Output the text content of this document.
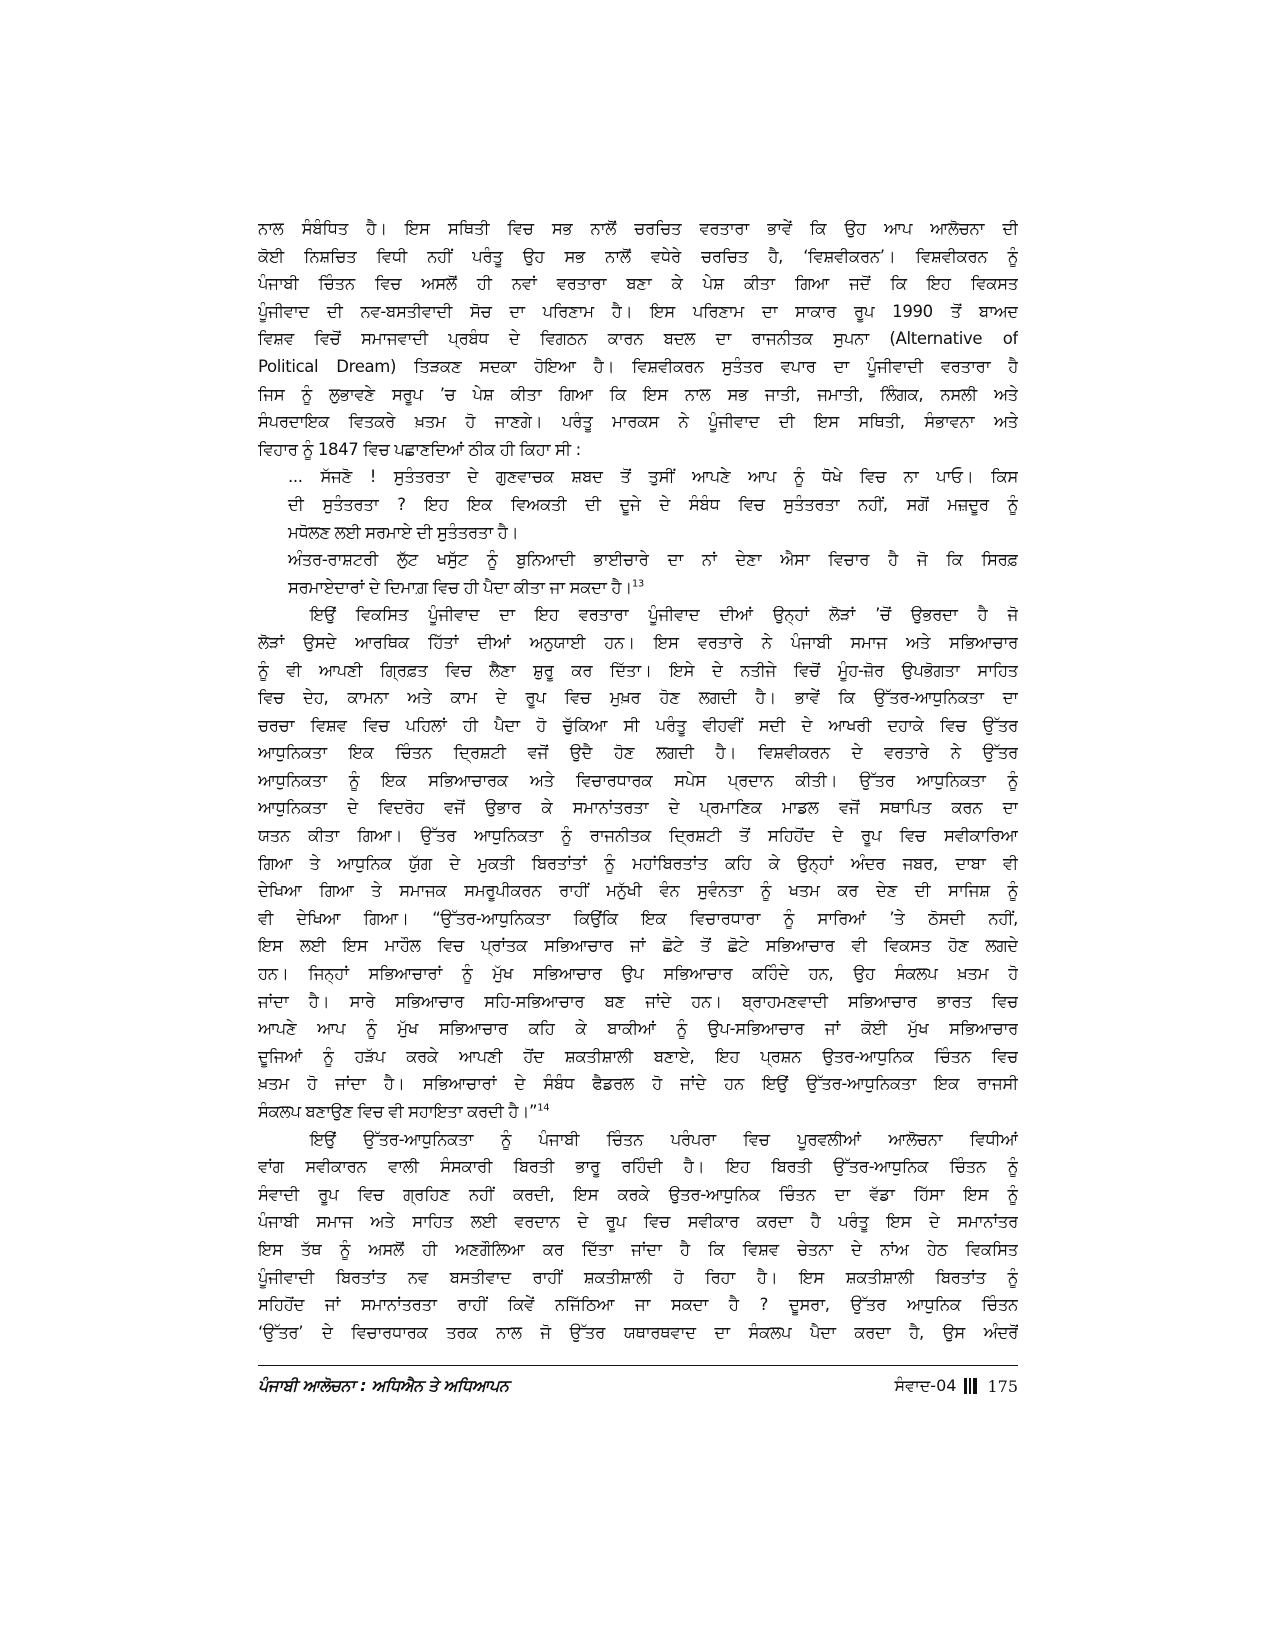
ਨਾਲ ਸੰਬੰਧਿਤ ਹੈ। ਇਸ ਸਥਿਤੀ ਵਿਚ ਸਭ ਨਾਲੋਂ ਚਰਚਿਤ ਵਰਤਾਰਾ ਭਾਵੇਂ ਕਿ ਉਹ ਆਪ ਆਲੋਚਨਾ ਦੀ
ਕੋਈ ਨਿਸ਼ਚਿਤ ਵਿਧੀ ਨਹੀਂ ਪਰੰਤੂ ਉਹ ਸਭ ਨਾਲੋਂ ਵਧੇਰੇ ਚਰਚਿਤ ਹੈ, ‘ਵਿਸ਼ਵੀਕਰਨ’। ਵਿਸ਼ਵੀਕਰਨ ਨੂੰ
ਪੰਜਾਬੀ ਚਿੰਤਨ ਵਿਚ ਅਸਲੋਂ ਹੀ ਨਵਾਂ ਵਰਤਾਰਾ ਬਣਾ ਕੇ ਪੇਸ਼ ਕੀਤਾ ਗਿਆ ਜਦੋਂ ਕਿ ਇਹ ਵਿਕਸਤ
ਪੂੰਜੀਵਾਦ ਦੀ ਨਵ-ਬਸਤੀਵਾਦੀ ਸੋਚ ਦਾ ਪਰਿਣਾਮ ਹੈ। ਇਸ ਪਰਿਣਾਮ ਦਾ ਸਾਕਾਰ ਰੂਪ 1990 ਤੋਂ ਬਾਅਦ
ਵਿਸ਼ਵ ਵਿਚੋਂ ਸਮਾਜਵਾਦੀ ਪ੍ਰਬੰਧ ਦੇ ਵਿਗਠਨ ਕਾਰਨ ਬਦਲ ਦਾ ਰਾਜਨੀਤਕ ਸੁਪਨਾ (Alternative of
Political Dream) ਤਿੜਕਣ ਸਦਕਾ ਹੋਇਆ ਹੈ। ਵਿਸ਼ਵੀਕਰਨ ਸੁਤੰਤਰ ਵਪਾਰ ਦਾ ਪੂੰਜੀਵਾਦੀ ਵਰਤਾਰਾ ਹੈ
ਜਿਸ ਨੂੰ ਲੁਭਾਵਣੇ ਸਰੂਪ ’ਚ ਪੇਸ਼ ਕੀਤਾ ਗਿਆ ਕਿ ਇਸ ਨਾਲ ਸਭ ਜਾਤੀ, ਜਮਾਤੀ, ਲਿੰਗਕ, ਨਸਲੀ ਅਤੇ
ਸੰਪਰਦਾਇਕ ਵਿਤਕਰੇ ਖ਼ਤਮ ਹੋ ਜਾਣਗੇ। ਪਰੰਤੂ ਮਾਰਕਸ ਨੇ ਪੂੰਜੀਵਾਦ ਦੀ ਇਸ ਸਥਿਤੀ, ਸੰਭਾਵਨਾ ਅਤੇ
ਵਿਹਾਰ ਨੂੰ 1847 ਵਿਚ ਪਛਾਣਦਿਆਂ ਠੀਕ ਹੀ ਕਿਹਾ ਸੀ :
... ਸੱਜਣੋ ! ਸੁਤੰਤਰਤਾ ਦੇ ਗੁਣਵਾਚਕ ਸ਼ਬਦ ਤੋਂ ਤੁਸੀਂ ਆਪਣੇ ਆਪ ਨੂੰ ਧੋਖੇ ਵਿਚ ਨਾ ਪਾਓ। ਕਿਸ
ਦੀ ਸੁਤੰਤਰਤਾ ? ਇਹ ਇਕ ਵਿਅਕਤੀ ਦੀ ਦੂਜੇ ਦੇ ਸੰਬੰਧ ਵਿਚ ਸੁਤੰਤਰਤਾ ਨਹੀਂ, ਸਗੋਂ ਮਜ਼ਦੂਰ ਨੂੰ
ਮਧੋਲਣ ਲਈ ਸਰਮਾਏ ਦੀ ਸੁਤੰਤਰਤਾ ਹੈ।
ਅੰਤਰ-ਰਾਸ਼ਟਰੀ ਲੁੱਟ ਖਸੁੱਟ ਨੂੰ ਬੁਨਿਆਦੀ ਭਾਈਚਾਰੇ ਦਾ ਨਾਂ ਦੇਣਾ ਐਸਾ ਵਿਚਾਰ ਹੈ ਜੋ ਕਿ ਸਿਰਫ਼
ਸਰਮਾਏਦਾਰਾਂ ਦੇ ਦਿਮਾਗ਼ ਵਿਚ ਹੀ ਪੈਦਾ ਕੀਤਾ ਜਾ ਸਕਦਾ ਹੈ।$^{13}$
ਇਉਂ ਵਿਕਸਿਤ ਪੂੰਜੀਵਾਦ ਦਾ ਇਹ ਵਰਤਾਰਾ ਪੂੰਜੀਵਾਦ ਦੀਆਂ ਉਨ੍ਹਾਂ ਲੋੜਾਂ ’ਚੋਂ ਉਭਰਦਾ ਹੈ ਜੋ
ਲੋੜਾਂ ਉਸਦੇ ਆਰਥਿਕ ਹਿੱਤਾਂ ਦੀਆਂ ਅਨੁਯਾਈ ਹਨ। ਇਸ ਵਰਤਾਰੇ ਨੇ ਪੰਜਾਬੀ ਸਮਾਜ ਅਤੇ ਸਭਿਆਚਾਰ
ਨੂੰ ਵੀ ਆਪਣੀ ਗ੍ਰਿਫ਼ਤ ਵਿਚ ਲੈਣਾ ਸ਼ੁਰੂ ਕਰ ਦਿੱਤਾ। ਇਸੇ ਦੇ ਨਤੀਜੇ ਵਿਚੋਂ ਮੂੰਹ-ਜ਼ੋਰ ਉਪਭੋਗਤਾ ਸਾਹਿਤ
ਵਿਚ ਦੇਹ, ਕਾਮਨਾ ਅਤੇ ਕਾਮ ਦੇ ਰੂਪ ਵਿਚ ਮੁਖ਼ਰ ਹੋਣ ਲਗਦੀ ਹੈ। ਭਾਵੇਂ ਕਿ ਉੱਤਰ-ਆਧੁਨਿਕਤਾ ਦਾ
ਚਰਚਾ ਵਿਸ਼ਵ ਵਿਚ ਪਹਿਲਾਂ ਹੀ ਪੈਦਾ ਹੋ ਚੁੱਕਿਆ ਸੀ ਪਰੰਤੂ ਵੀਹਵੀਂ ਸਦੀ ਦੇ ਆਖਰੀ ਦਹਾਕੇ ਵਿਚ ਉੱਤਰ
ਆਧੁਨਿਕਤਾ ਇਕ ਚਿੰਤਨ ਦ੍ਰਿਸ਼ਟੀ ਵਜੋਂ ਉਦੈ ਹੋਣ ਲਗਦੀ ਹੈ। ਵਿਸ਼ਵੀਕਰਨ ਦੇ ਵਰਤਾਰੇ ਨੇ ਉੱਤਰ
ਆਧੁਨਿਕਤਾ ਨੂੰ ਇਕ ਸਭਿਆਚਾਰਕ ਅਤੇ ਵਿਚਾਰਧਾਰਕ ਸਪੇਸ ਪ੍ਰਦਾਨ ਕੀਤੀ। ਉੱਤਰ ਆਧੁਨਿਕਤਾ ਨੂੰ
ਆਧੁਨਿਕਤਾ ਦੇ ਵਿਦਰੋਹ ਵਜੋਂ ਉਭਾਰ ਕੇ ਸਮਾਨਾਂਤਰਤਾ ਦੇ ਪ੍ਰਮਾਣਿਕ ਮਾਡਲ ਵਜੋਂ ਸਥਾਪਿਤ ਕਰਨ ਦਾ
ਯਤਨ ਕੀਤਾ ਗਿਆ। ਉੱਤਰ ਆਧੁਨਿਕਤਾ ਨੂੰ ਰਾਜਨੀਤਕ ਦ੍ਰਿਸ਼ਟੀ ਤੋਂ ਸਹਿਹੋਂਦ ਦੇ ਰੂਪ ਵਿਚ ਸਵੀਕਾਰਿਆ
ਗਿਆ ਤੇ ਆਧੁਨਿਕ ਯੁੱਗ ਦੇ ਮੁਕਤੀ ਬਿਰਤਾਂਤਾਂ ਨੂੰ ਮਹਾਂਬਿਰਤਾਂਤ ਕਹਿ ਕੇ ਉਨ੍ਹਾਂ ਅੰਦਰ ਜਬਰ, ਦਾਬਾ ਵੀ
ਦੇਖਿਆ ਗਿਆ ਤੇ ਸਮਾਜਕ ਸਮਰੂਪੀਕਰਨ ਰਾਹੀਂ ਮਨੁੱਖੀ ਵੰਨ ਸੁਵੰਨਤਾ ਨੂੰ ਖਤਮ ਕਰ ਦੇਣ ਦੀ ਸਾਜਿਸ਼ ਨੂੰ
ਵੀ ਦੇਖਿਆ ਗਿਆ। “ਉੱਤਰ-ਆਧੁਨਿਕਤਾ ਕਿਉਂਕਿ ਇਕ ਵਿਚਾਰਧਾਰਾ ਨੂੰ ਸਾਰਿਆਂ ’ਤੇ ਠੋਸਦੀ ਨਹੀਂ,
ਇਸ ਲਈ ਇਸ ਮਾਹੌਲ ਵਿਚ ਪ੍ਰਾਂਤਕ ਸਭਿਆਚਾਰ ਜਾਂ ਛੋਟੇ ਤੋਂ ਛੋਟੇ ਸਭਿਆਚਾਰ ਵੀ ਵਿਕਸਤ ਹੋਣ ਲਗਦੇ
ਹਨ। ਜਿਨ੍ਹਾਂ ਸਭਿਆਚਾਰਾਂ ਨੂੰ ਮੁੱਖ ਸਭਿਆਚਾਰ ਉਪ ਸਭਿਆਚਾਰ ਕਹਿੰਦੇ ਹਨ, ਉਹ ਸੰਕਲਪ ਖ਼ਤਮ ਹੋ
ਜਾਂਦਾ ਹੈ। ਸਾਰੇ ਸਭਿਆਚਾਰ ਸਹਿ-ਸਭਿਆਚਾਰ ਬਣ ਜਾਂਦੇ ਹਨ। ਬ੍ਰਾਹਮਣਵਾਦੀ ਸਭਿਆਚਾਰ ਭਾਰਤ ਵਿਚ
ਆਪਣੇ ਆਪ ਨੂੰ ਮੁੱਖ ਸਭਿਆਚਾਰ ਕਹਿ ਕੇ ਬਾਕੀਆਂ ਨੂੰ ਉਪ-ਸਭਿਆਚਾਰ ਜਾਂ ਕੋਈ ਮੁੱਖ ਸਭਿਆਚਾਰ
ਦੂਜਿਆਂ ਨੂੰ ਹੜੱਪ ਕਰਕੇ ਆਪਣੀ ਹੋਂਦ ਸ਼ਕਤੀਸ਼ਾਲੀ ਬਣਾਏ, ਇਹ ਪ੍ਰਸ਼ਨ ਉਤਰ-ਆਧੁਨਿਕ ਚਿੰਤਨ ਵਿਚ
ਖ਼ਤਮ ਹੋ ਜਾਂਦਾ ਹੈ। ਸਭਿਆਚਾਰਾਂ ਦੇ ਸੰਬੰਧ ਫੈਡਰਲ ਹੋ ਜਾਂਦੇ ਹਨ ਇਉਂ ਉੱਤਰ-ਆਧੁਨਿਕਤਾ ਇਕ ਰਾਜਸੀ
ਸੰਕਲਪ ਬਣਾਉਣ ਵਿਚ ਵੀ ਸਹਾਇਤਾ ਕਰਦੀ ਹੈ।”$^{14}$
ਇਉਂ ਉੱਤਰ-ਆਧੁਨਿਕਤਾ ਨੂੰ ਪੰਜਾਬੀ ਚਿੰਤਨ ਪਰੰਪਰਾ ਵਿਚ ਪੂਰਵਲੀਆਂ ਆਲੋਚਨਾ ਵਿਧੀਆਂ
ਵਾਂਗ ਸਵੀਕਾਰਨ ਵਾਲੀ ਸੰਸਕਾਰੀ ਬਿਰਤੀ ਭਾਰੂ ਰਹਿੰਦੀ ਹੈ। ਇਹ ਬਿਰਤੀ ਉੱਤਰ-ਆਧੁਨਿਕ ਚਿੰਤਨ ਨੂੰ
ਸੰਵਾਦੀ ਰੂਪ ਵਿਚ ਗ੍ਰਹਿਣ ਨਹੀਂ ਕਰਦੀ, ਇਸ ਕਰਕੇ ਉਤਰ-ਆਧੁਨਿਕ ਚਿੰਤਨ ਦਾ ਵੱਡਾ ਹਿੱਸਾ ਇਸ ਨੂੰ
ਪੰਜਾਬੀ ਸਮਾਜ ਅਤੇ ਸਾਹਿਤ ਲਈ ਵਰਦਾਨ ਦੇ ਰੂਪ ਵਿਚ ਸਵੀਕਾਰ ਕਰਦਾ ਹੈ ਪਰੰਤੂ ਇਸ ਦੇ ਸਮਾਨਾਂਤਰ
ਇਸ ਤੱਥ ਨੂੰ ਅਸਲੋਂ ਹੀ ਅਣਗੌਲਿਆ ਕਰ ਦਿੱਤਾ ਜਾਂਦਾ ਹੈ ਕਿ ਵਿਸ਼ਵ ਚੇਤਨਾ ਦੇ ਨਾਂਅ ਹੇਠ ਵਿਕਸਿਤ
ਪੂੰਜੀਵਾਦੀ ਬਿਰਤਾਂਤ ਨਵ ਬਸਤੀਵਾਦ ਰਾਹੀਂ ਸ਼ਕਤੀਸ਼ਾਲੀ ਹੋ ਰਿਹਾ ਹੈ। ਇਸ ਸ਼ਕਤੀਸ਼ਾਲੀ ਬਿਰਤਾਂਤ ਨੂੰ
ਸਹਿਹੋਂਦ ਜਾਂ ਸਮਾਨਾਂਤਰਤਾ ਰਾਹੀਂ ਕਿਵੇਂ ਨਜਿੱਠਿਆ ਜਾ ਸਕਦਾ ਹੈ ? ਦੂਸਰਾ, ਉੱਤਰ ਆਧੁਨਿਕ ਚਿੰਤਨ
‘ਉੱਤਰ’ ਦੇ ਵਿਚਾਰਧਾਰਕ ਤਰਕ ਨਾਲ ਜੋ ਉੱਤਰ ਯਥਾਰਥਵਾਦ ਦਾ ਸੰਕਲਪ ਪੈਦਾ ਕਰਦਾ ਹੈ, ਉਸ ਅੰਦਰੋਂ
ਪੰਜਾਬੀ ਆਲੋਚਨਾ : ਅਧਿਐਨ ਤੇ ਅਧਿਆਪਨ	ਸੰਵਾਦ-04 175
